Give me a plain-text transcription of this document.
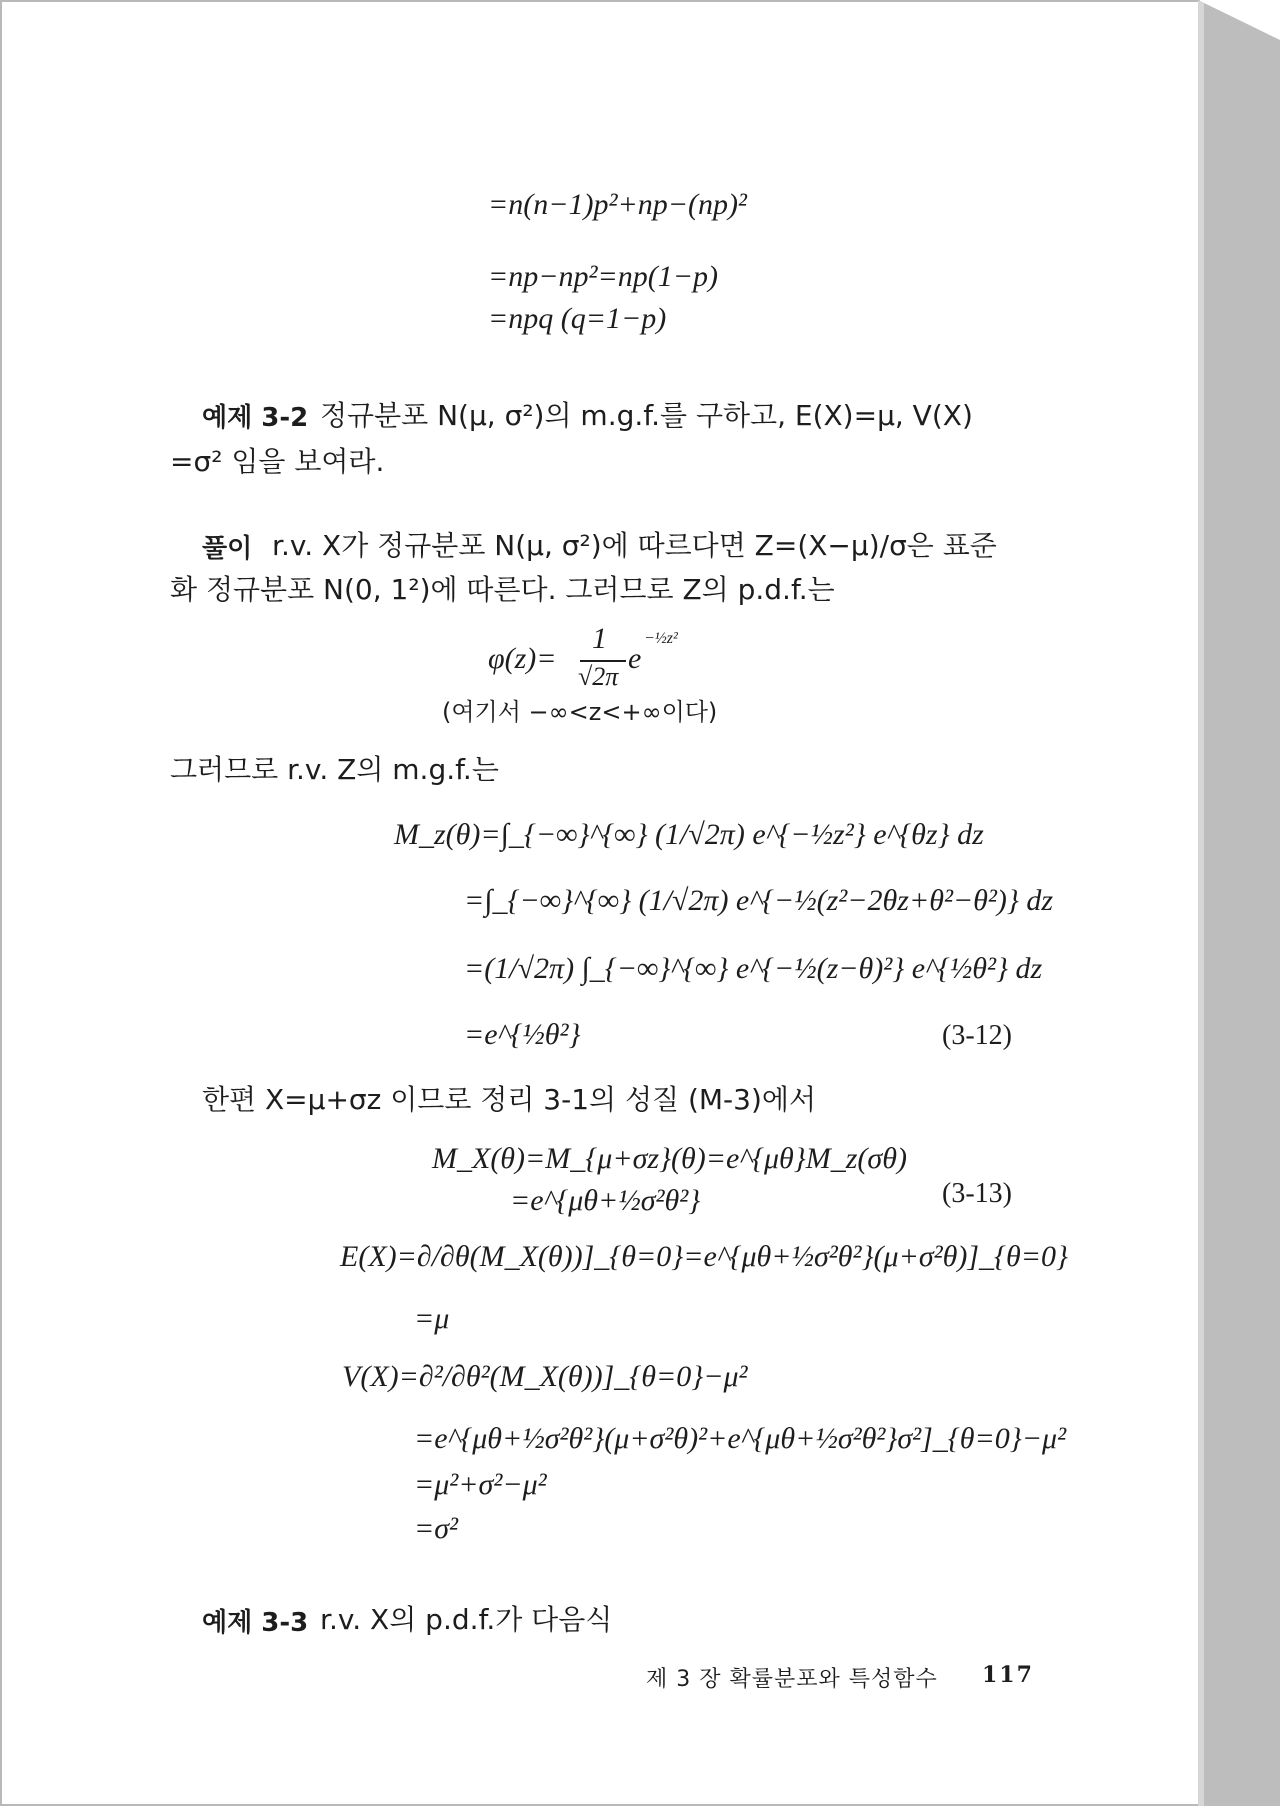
=n(n−1)p²+np−(np)²
=np−np²=np(1−p)
=npq (q=1−p)
예제 3-2 정규분포 N(μ, σ²)의 m.g.f.를 구하고, E(X)=μ, V(X)
=σ² 임을 보여라.
풀이 r.v. X가 정규분포 N(μ, σ²)에 따르다면 Z=(X−μ)/σ은 표준
화 정규분포 N(0, 1²)에 따른다. 그러므로 Z의 p.d.f.는
φ(z)=
1
√2π
e
−½z²
(여기서 −∞<z<+∞이다)
그러므로 r.v. Z의 m.g.f.는
M_z(θ)=∫_{−∞}^{∞} (1/√2π) e^{−½z²} e^{θz} dz
=∫_{−∞}^{∞} (1/√2π) e^{−½(z²−2θz+θ²−θ²)} dz
=(1/√2π) ∫_{−∞}^{∞} e^{−½(z−θ)²} e^{½θ²} dz
=e^{½θ²}	(3-12)
한편 X=μ+σz 이므로 정리 3-1의 성질 (M-3)에서
M_X(θ)=M_{μ+σz}(θ)=e^{μθ}M_z(σθ)
=e^{μθ+½σ²θ²}	(3-13)
E(X)=∂/∂θ(M_X(θ))]_{θ=0}=e^{μθ+½σ²θ²}(μ+σ²θ)]_{θ=0}
=μ
V(X)=∂²/∂θ²(M_X(θ))]_{θ=0}−μ²
=e^{μθ+½σ²θ²}(μ+σ²θ)²+e^{μθ+½σ²θ²}σ²]_{θ=0}−μ²
=μ²+σ²−μ²
=σ²
예제 3-3 r.v. X의 p.d.f.가 다음식
제 3 장 확률분포와 특성함수 117
